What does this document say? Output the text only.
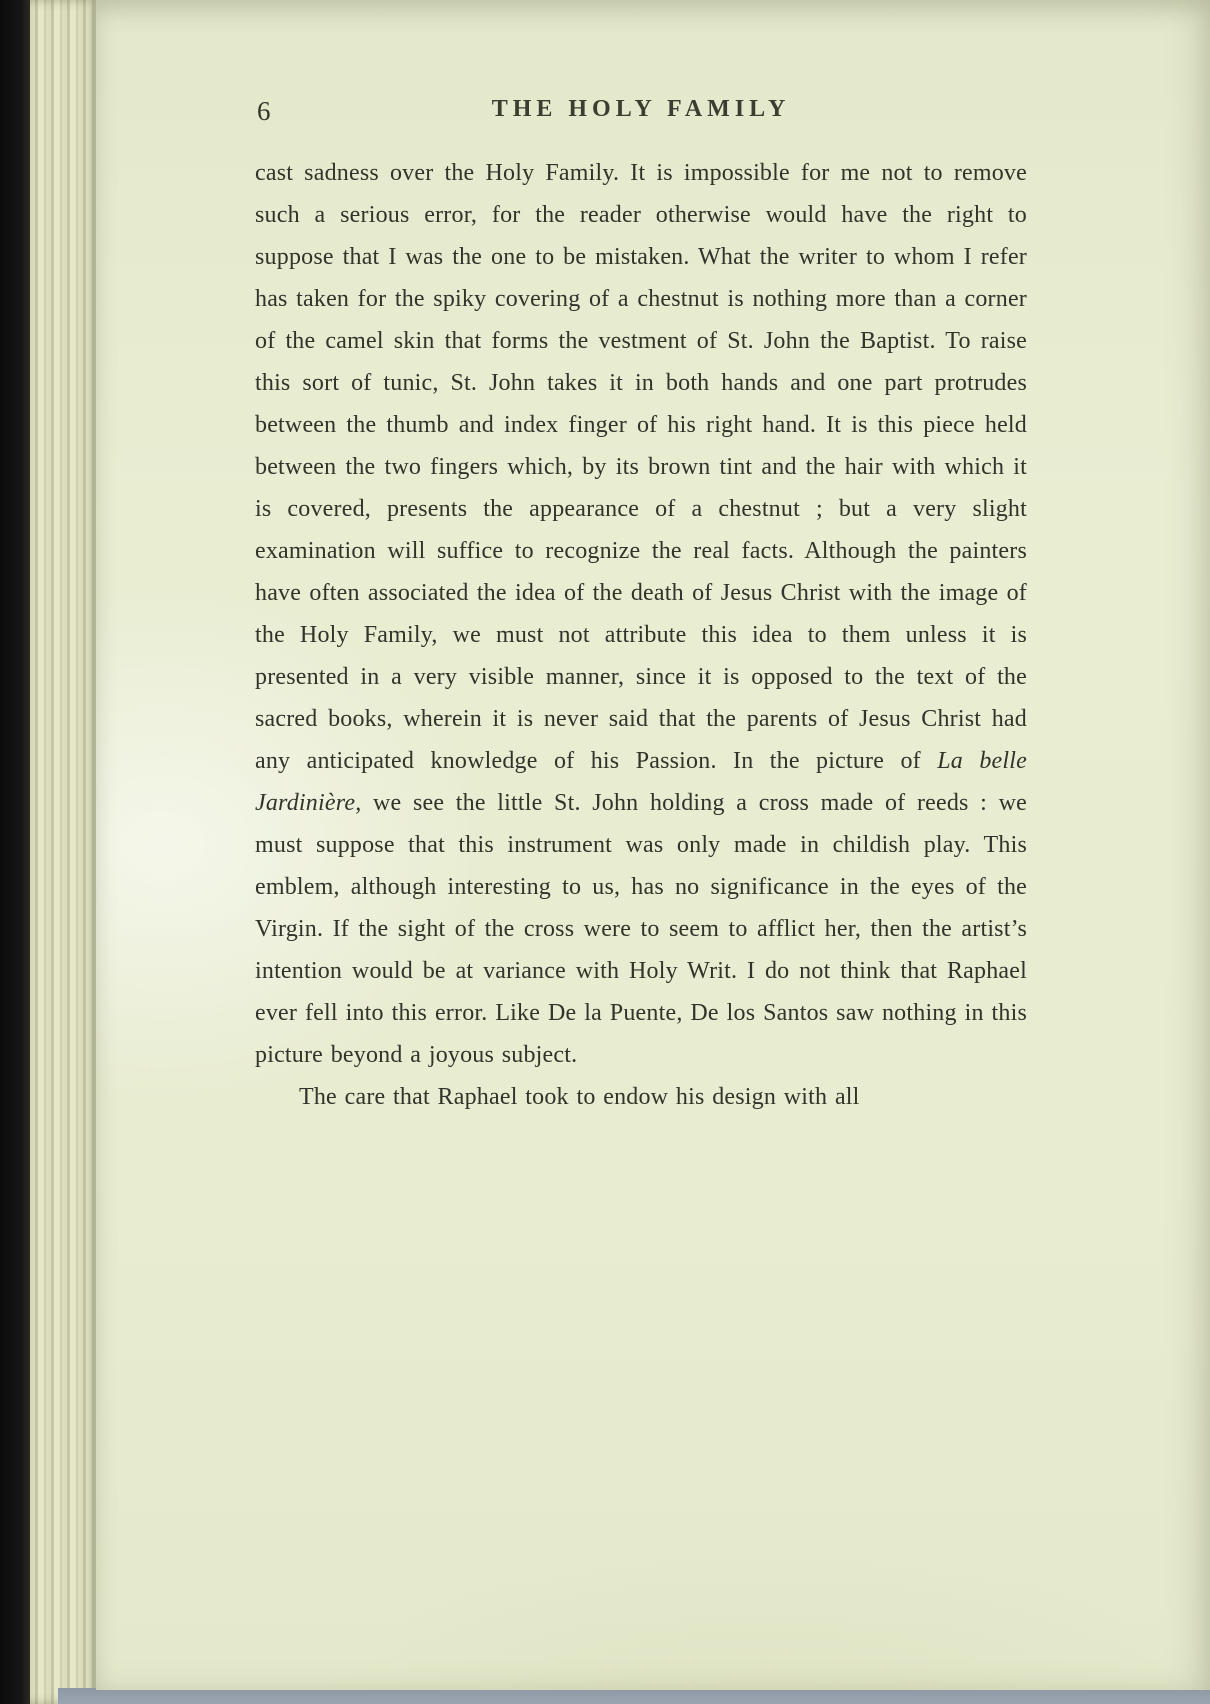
6	THE HOLY FAMILY

cast sadness over the Holy Family. It is impossible for me not to remove such a serious error, for the reader otherwise would have the right to suppose that I was the one to be mistaken. What the writer to whom I refer has taken for the spiky covering of a chestnut is nothing more than a corner of the camel skin that forms the vestment of St. John the Baptist. To raise this sort of tunic, St. John takes it in both hands and one part protrudes between the thumb and index finger of his right hand. It is this piece held between the two fingers which, by its brown tint and the hair with which it is covered, presents the appearance of a chestnut ; but a very slight examination will suffice to recognize the real facts. Although the painters have often associated the idea of the death of Jesus Christ with the image of the Holy Family, we must not attribute this idea to them unless it is presented in a very visible manner, since it is opposed to the text of the sacred books, wherein it is never said that the parents of Jesus Christ had any anticipated knowledge of his Passion. In the picture of La belle Jardinière, we see the little St. John holding a cross made of reeds : we must suppose that this instrument was only made in childish play. This emblem, although interesting to us, has no significance in the eyes of the Virgin. If the sight of the cross were to seem to afflict her, then the artist’s intention would be at variance with Holy Writ. I do not think that Raphael ever fell into this error. Like De la Puente, De los Santos saw nothing in this picture beyond a joyous subject.

The care that Raphael took to endow his design with all
